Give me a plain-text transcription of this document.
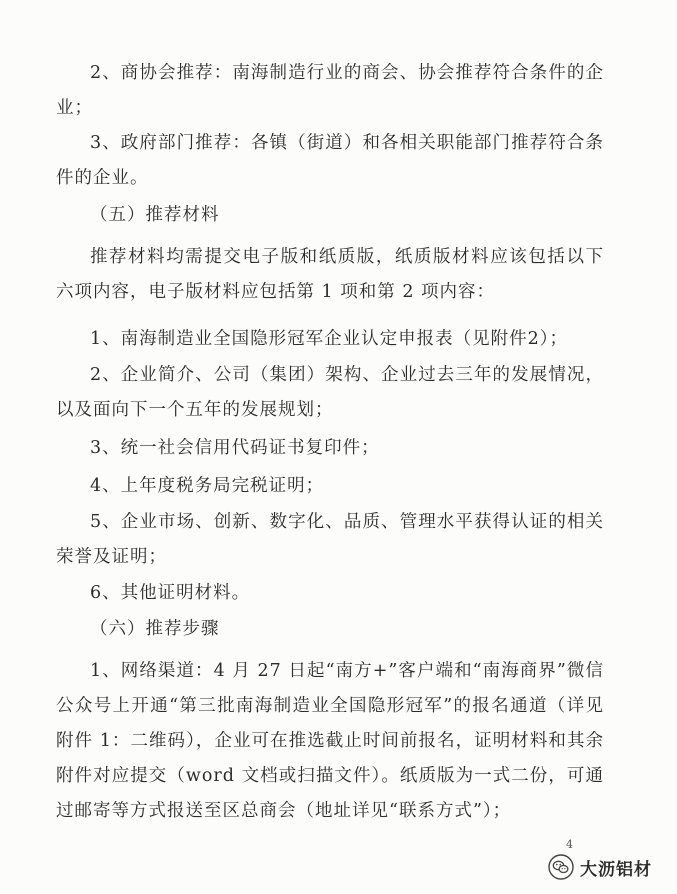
2、商协会推荐：南海制造行业的商会、协会推荐符合条件的企业；

3、政府部门推荐：各镇（街道）和各相关职能部门推荐符合条件的企业。

（五）推荐材料

推荐材料均需提交电子版和纸质版，纸质版材料应该包括以下六项内容，电子版材料应包括第 1 项和第 2 项内容：

1、南海制造业全国隐形冠军企业认定申报表（见附件2）；

2、企业简介、公司（集团）架构、企业过去三年的发展情况，以及面向下一个五年的发展规划；

3、统一社会信用代码证书复印件；

4、上年度税务局完税证明；

5、企业市场、创新、数字化、品质、管理水平获得认证的相关荣誉及证明；

6、其他证明材料。

（六）推荐步骤

1、网络渠道：4 月 27 日起“南方+”客户端和“南海商界”微信公众号上开通“第三批南海制造业全国隐形冠军”的报名通道（详见附件 1：二维码），企业可在推选截止时间前报名，证明材料和其余附件对应提交（word 文档或扫描文件）。纸质版为一式二份，可通过邮寄等方式报送至区总商会（地址详见“联系方式”）；

4
大沥铝材
